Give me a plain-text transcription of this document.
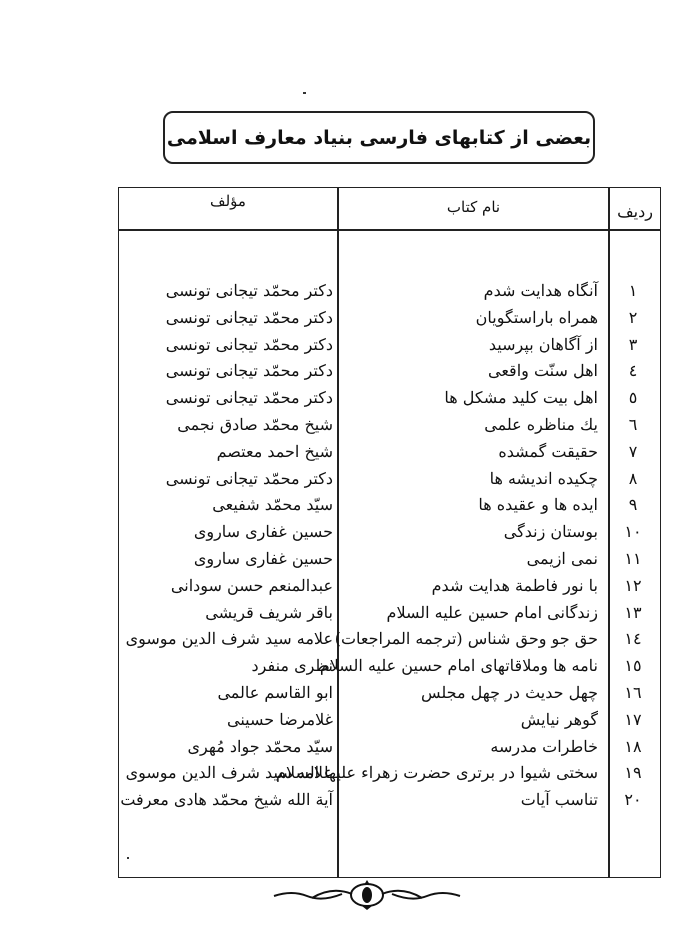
بعضی از کتابهای فارسی بنیاد معارف اسلامی
ردیف
نام کتاب
مؤلف
۱
آنگاه هدایت شدم
دکتر محمّد تیجانی تونسی
۲
همراه باراستگویان
دکتر محمّد تیجانی تونسی
۳
از آگاهان بپرسید
دکتر محمّد تیجانی تونسی
٤
اهل سنّت واقعی
دکتر محمّد تیجانی تونسی
٥
اهل بیت کلید مشکل ها
دکتر محمّد تیجانی تونسی
٦
یك مناظره علمی
شیخ محمّد صادق نجمی
۷
حقیقت گمشده
شیخ احمد معتصم
۸
چکیده اندیشه ها
دکتر محمّد تیجانی تونسی
۹
ایده ها و عقیده ها
سیّد محمّد شفیعی
۱۰
بوستان زندگی
حسین غفاری ساروی
۱۱
نمی ازیمی
حسین غفاری ساروی
۱۲
با نور فاطمة هدایت شدم
عبدالمنعم حسن سودانی
۱۳
زندگانی امام حسین عليه السلام
باقر شریف قریشی
۱٤
حق جو وحق شناس (ترجمه المراجعات)
علامه سید شرف الدین موسوی
۱٥
نامه ها وملاقاتهای امام حسین عليه السلام
نظری منفرد
۱٦
چهل حدیث در چهل مجلس
ابو القاسم عالمی
۱۷
گوهر نیایش
غلامرضا حسینی
۱۸
خاطرات مدرسه
سیّد محمّد جواد مُهری
۱۹
سختی شیوا در برتری حضرت زهراء عليها السلام
علامه سید شرف الدین موسوی
۲۰
تناسب آیات
آية الله شیخ محمّد هادی معرفت
